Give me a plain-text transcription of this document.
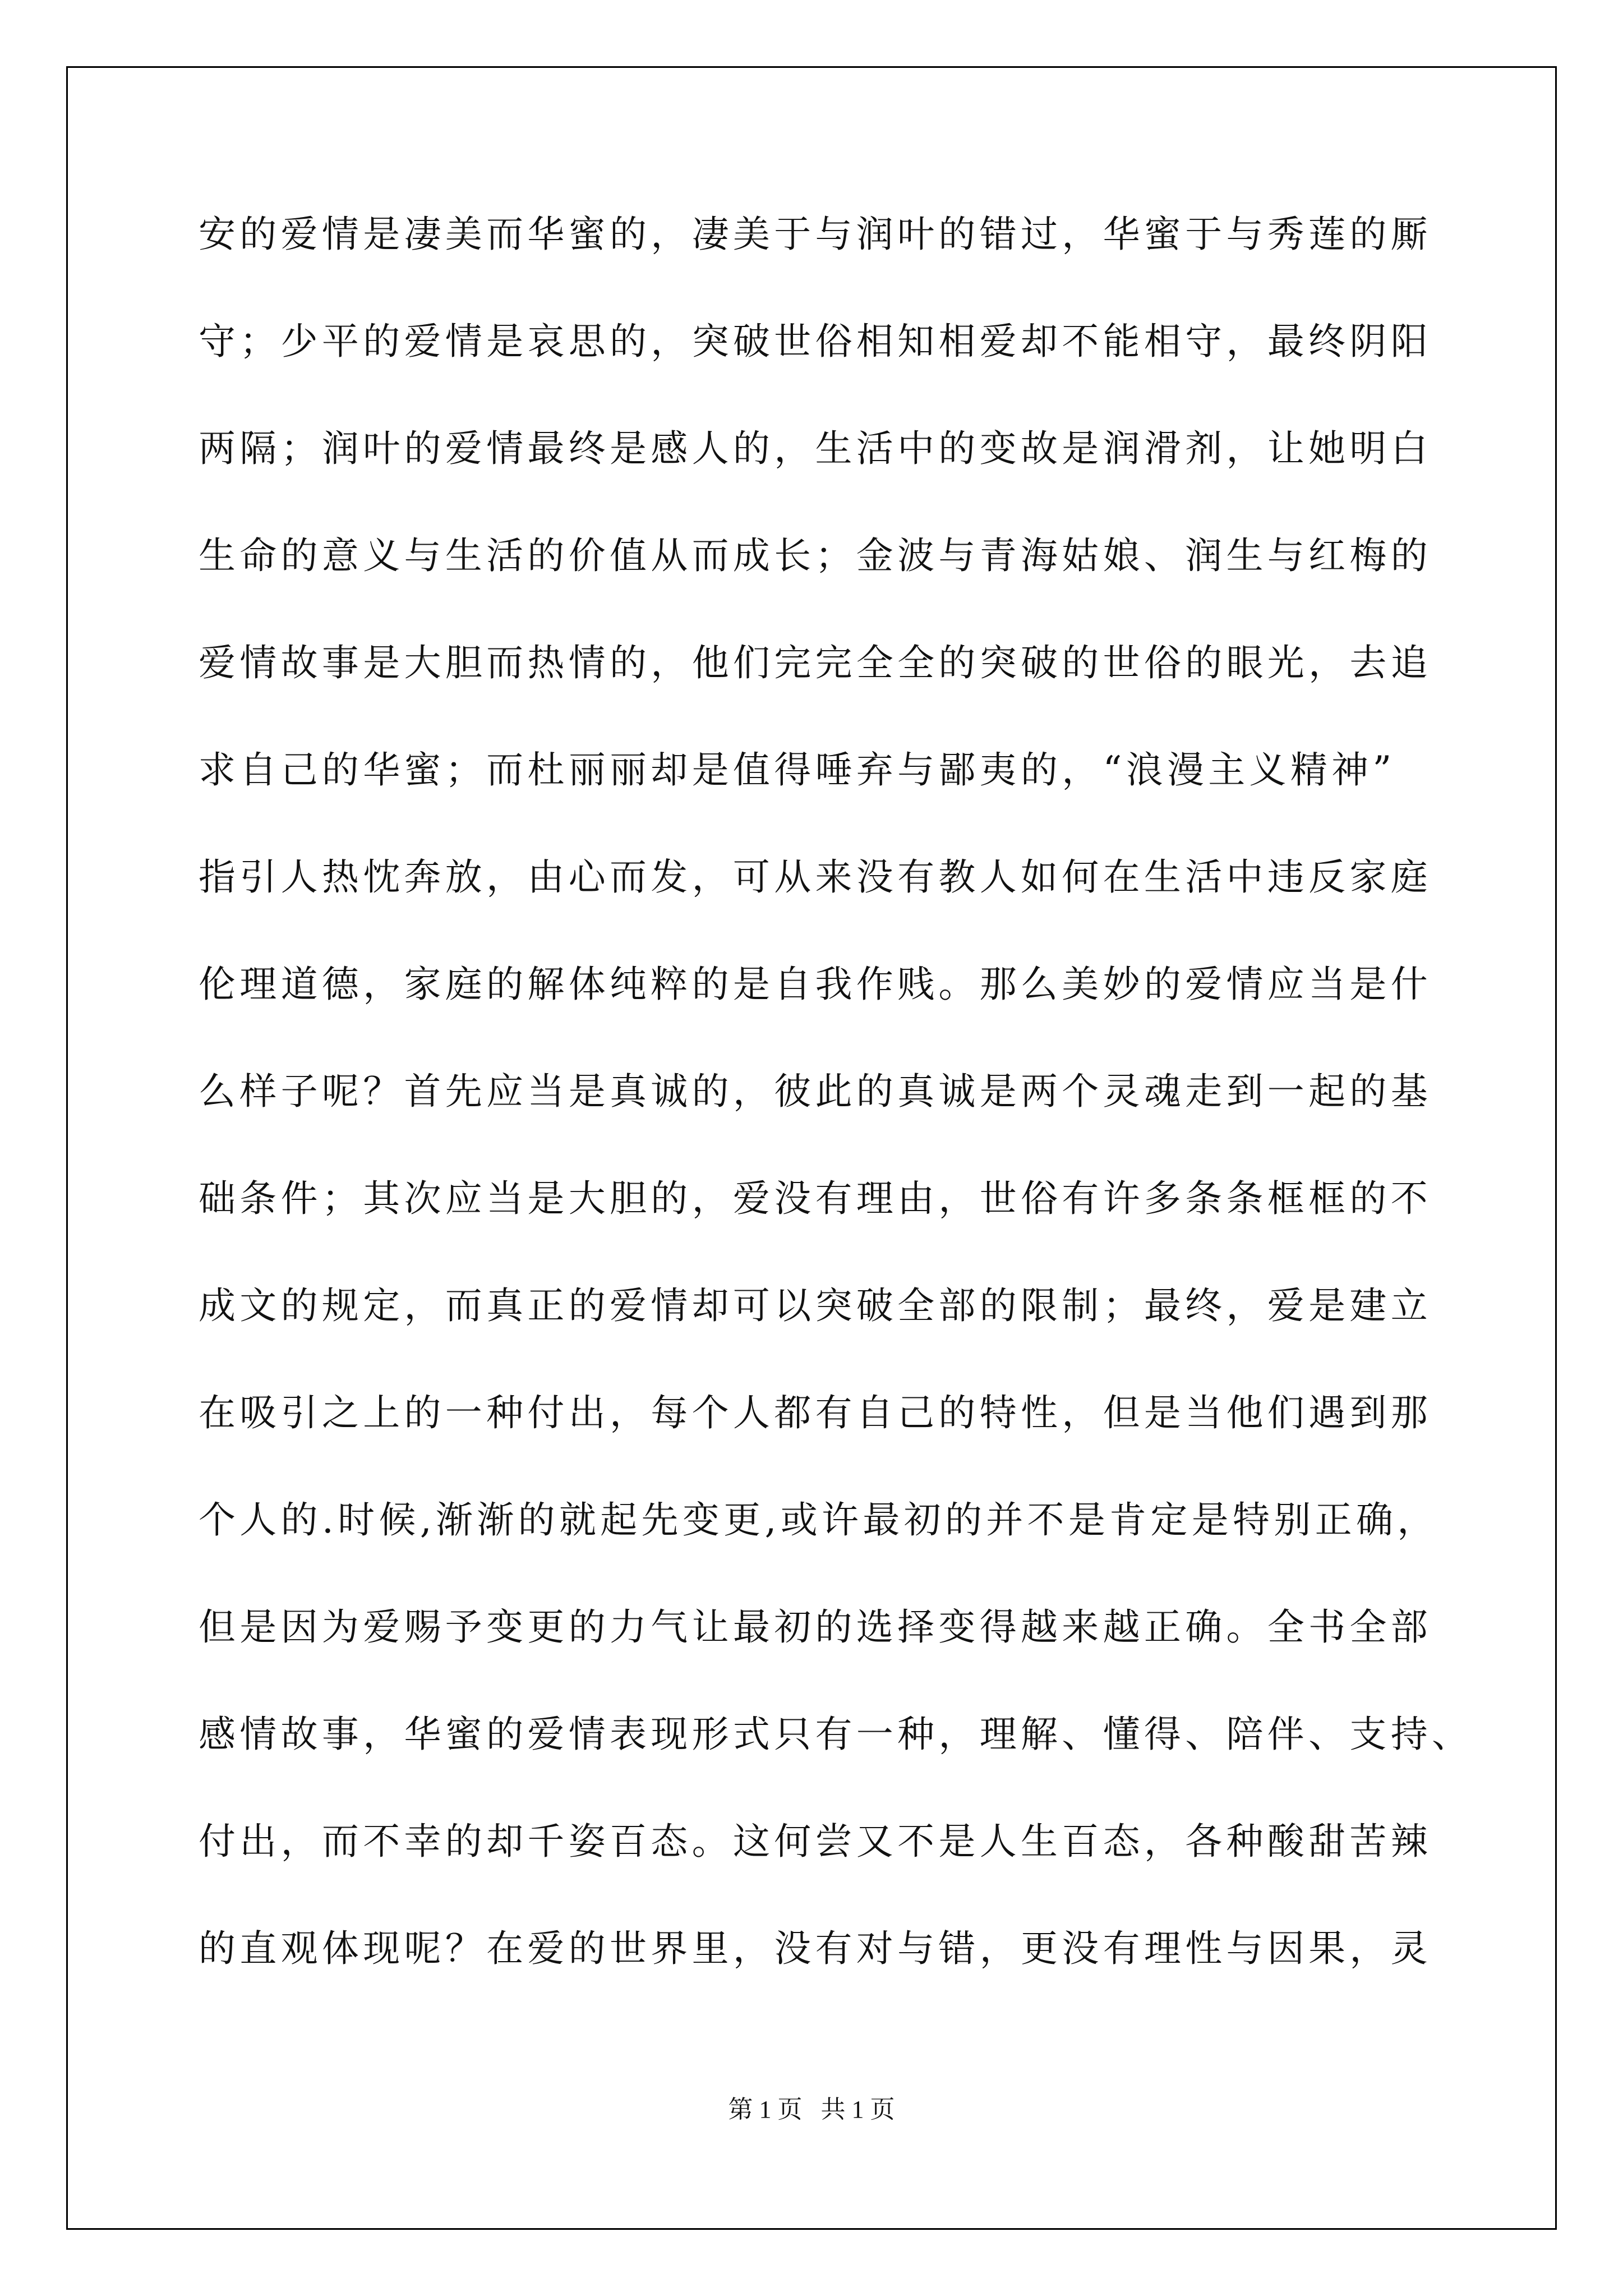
安的爱情是凄美而华蜜的，凄美于与润叶的错过，华蜜于与秀莲的厮
守；少平的爱情是哀思的，突破世俗相知相爱却不能相守，最终阴阳
两隔；润叶的爱情最终是感人的，生活中的变故是润滑剂，让她明白
生命的意义与生活的价值从而成长；金波与青海姑娘、润生与红梅的
爱情故事是大胆而热情的，他们完完全全的突破的世俗的眼光，去追
求自己的华蜜；而杜丽丽却是值得唾弃与鄙夷的，“浪漫主义精神”
指引人热忱奔放，由心而发，可从来没有教人如何在生活中违反家庭
伦理道德，家庭的解体纯粹的是自我作贱。那么美妙的爱情应当是什
么样子呢？首先应当是真诚的，彼此的真诚是两个灵魂走到一起的基
础条件；其次应当是大胆的，爱没有理由，世俗有许多条条框框的不
成文的规定，而真正的爱情却可以突破全部的限制；最终，爱是建立
在吸引之上的一种付出，每个人都有自己的特性，但是当他们遇到那
个人的.时候,渐渐的就起先变更,或许最初的并不是肯定是特别正确，
但是因为爱赐予变更的力气让最初的选择变得越来越正确。全书全部
感情故事，华蜜的爱情表现形式只有一种，理解、懂得、陪伴、支持、
付出，而不幸的却千姿百态。这何尝又不是人生百态，各种酸甜苦辣
的直观体现呢？在爱的世界里，没有对与错，更没有理性与因果，灵
第 1 页   共 1 页
